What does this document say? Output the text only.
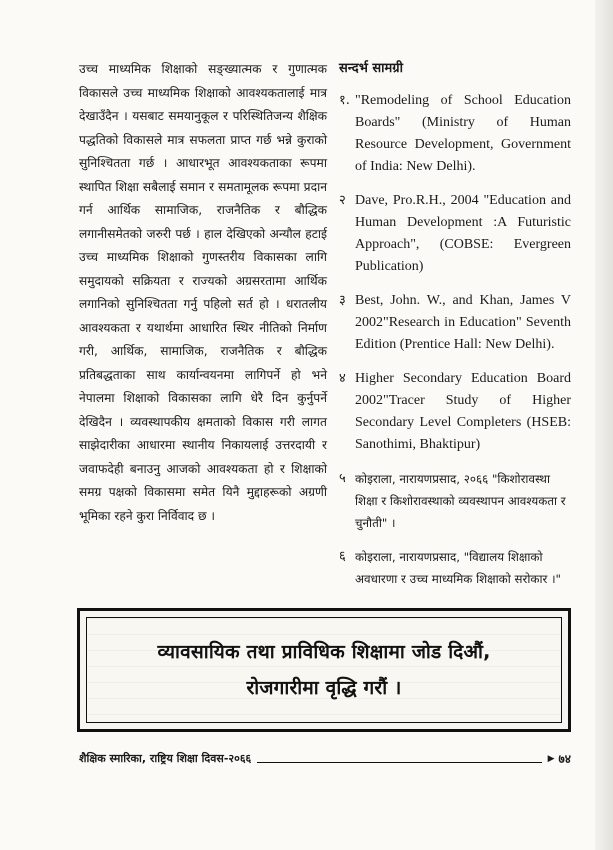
उच्च माध्यमिक शिक्षाको सङ्ख्यात्मक र गुणात्मक विकासले उच्च माध्यमिक शिक्षाको आवश्यकतालाई मात्र देखाउँदैन । यसबाट समयानुकूल र परिस्थितिजन्य शैक्षिक पद्धतिको विकासले मात्र सफलता प्राप्त गर्छ भन्ने कुराको सुनिश्चितता गर्छ । आधारभूत आवश्यकताका रूपमा स्थापित शिक्षा सबैलाई समान र समतामूलक रूपमा प्रदान गर्न आर्थिक सामाजिक, राजनैतिक र बौद्धिक लगानीसमेतको जरुरी पर्छ । हाल देखिएको अन्यौल हटाई उच्च माध्यमिक शिक्षाको गुणस्तरीय विकासका लागि समुदायको सक्रियता र राज्यको अग्रसरतामा आर्थिक लगानिको सुनिश्चितता गर्नु पहिलो सर्त हो । धरातलीय आवश्यकता र यथार्थमा आधारित स्थिर नीतिको निर्माण गरी, आर्थिक, सामाजिक, राजनैतिक र बौद्धिक प्रतिबद्धताका साथ कार्यान्वयनमा लागिपर्ने हो भने नेपालमा शिक्षाको विकासका लागि धेरै दिन कुर्नुपर्ने देखिदैन । व्यवस्थापकीय क्षमताको विकास गरी लागत साझेदारीका आधारमा स्थानीय निकायलाई उत्तरदायी र जवाफदेही बनाउनु आजको आवश्यकता हो र शिक्षाको समग्र पक्षको विकासमा समेत यिनै मुद्दाहरूको अग्रणी भूमिका रहने कुरा निर्विवाद छ ।

सन्दर्भ सामग्री
१. "Remodeling of School Education Boards" (Ministry of Human Resource Development, Government of India: New Delhi).
२ Dave, Pro.R.H., 2004 "Education and Human Development :A Futuristic Approach", (COBSE: Evergreen Publication)
३ Best, John. W., and Khan, James V 2002"Research in Education" Seventh Edition (Prentice Hall: New Delhi).
४ Higher Secondary Education Board 2002"Tracer Study of Higher Secondary Level Completers (HSEB: Sanothimi, Bhaktipur)
५ कोइराला, नारायणप्रसाद, २०६६ "किशोरावस्था शिक्षा र किशोरावस्थाको व्यवस्थापन आवश्यकता र चुनौती" ।
६ कोइराला, नारायणप्रसाद, "विद्यालय शिक्षाको अवधारणा र उच्च माध्यमिक शिक्षाको सरोकार ।"
व्यावसायिक तथा प्राविधिक शिक्षामा जोड दिऔं,
रोजगारीमा वृद्धि गरौं ।
शैक्षिक स्मारिका, राष्ट्रिय शिक्षा दिवस-२०६६	▶ ७४
